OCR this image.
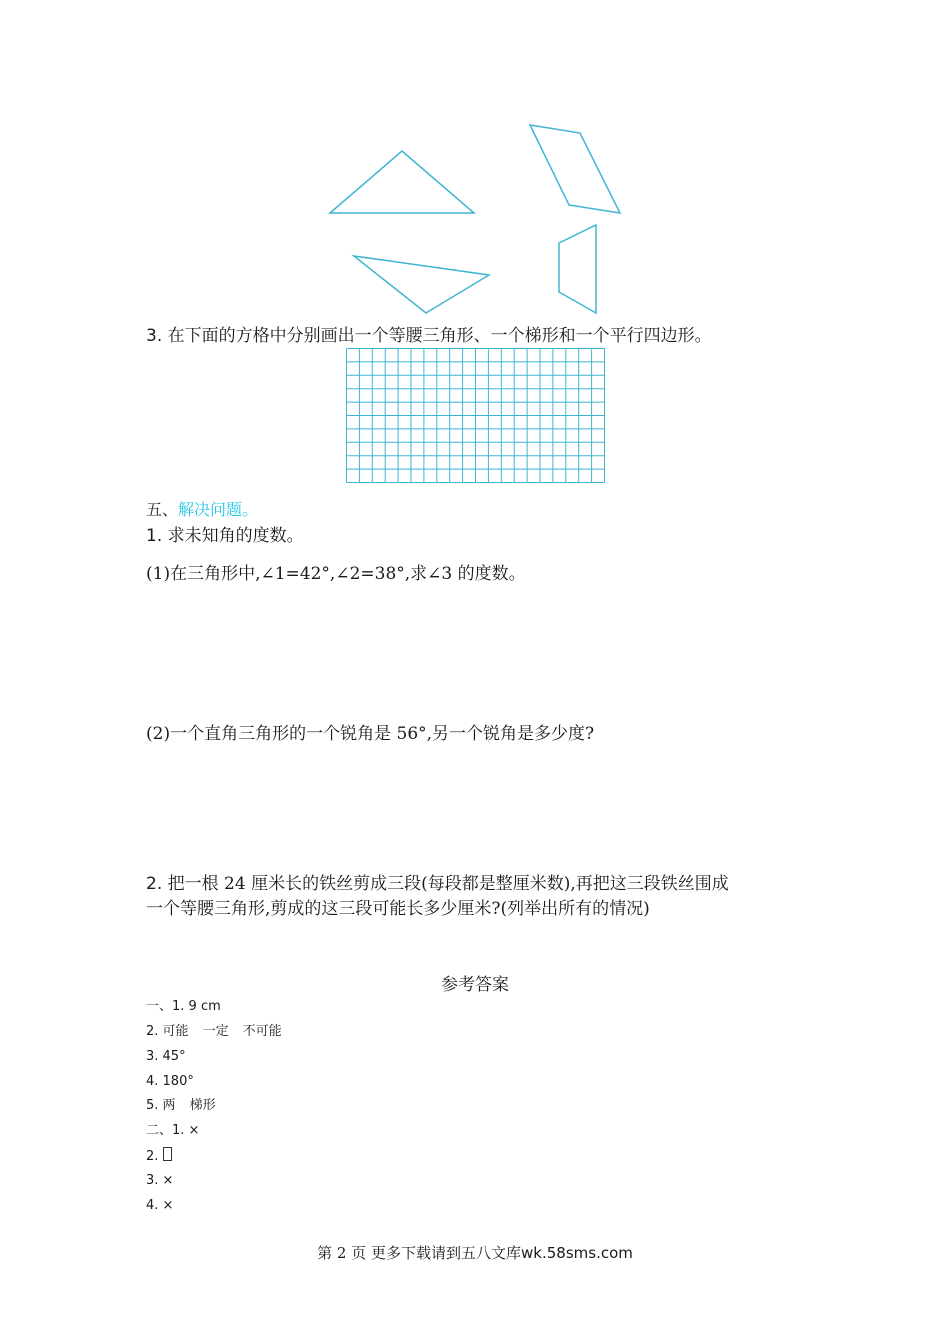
3. 在下面的方格中分别画出一个等腰三角形、一个梯形和一个平行四边形。
五、解决问题。
1. 求未知角的度数。
(1)在三角形中,∠1=42°,∠2=38°,求∠3 的度数。
(2)一个直角三角形的一个锐角是 56°,另一个锐角是多少度?
2. 把一根 24 厘米长的铁丝剪成三段(每段都是整厘米数),再把这三段铁丝围成
一个等腰三角形,剪成的这三段可能长多少厘米?(列举出所有的情况)
参考答案
一、1. 9 cm
2. 可能 一定 不可能
3. 45°
4. 180°
5. 两 梯形
二、1. ×
2.
3. ×
4. ×
第 2 页 更多下载请到五八文库wk.58sms.com
